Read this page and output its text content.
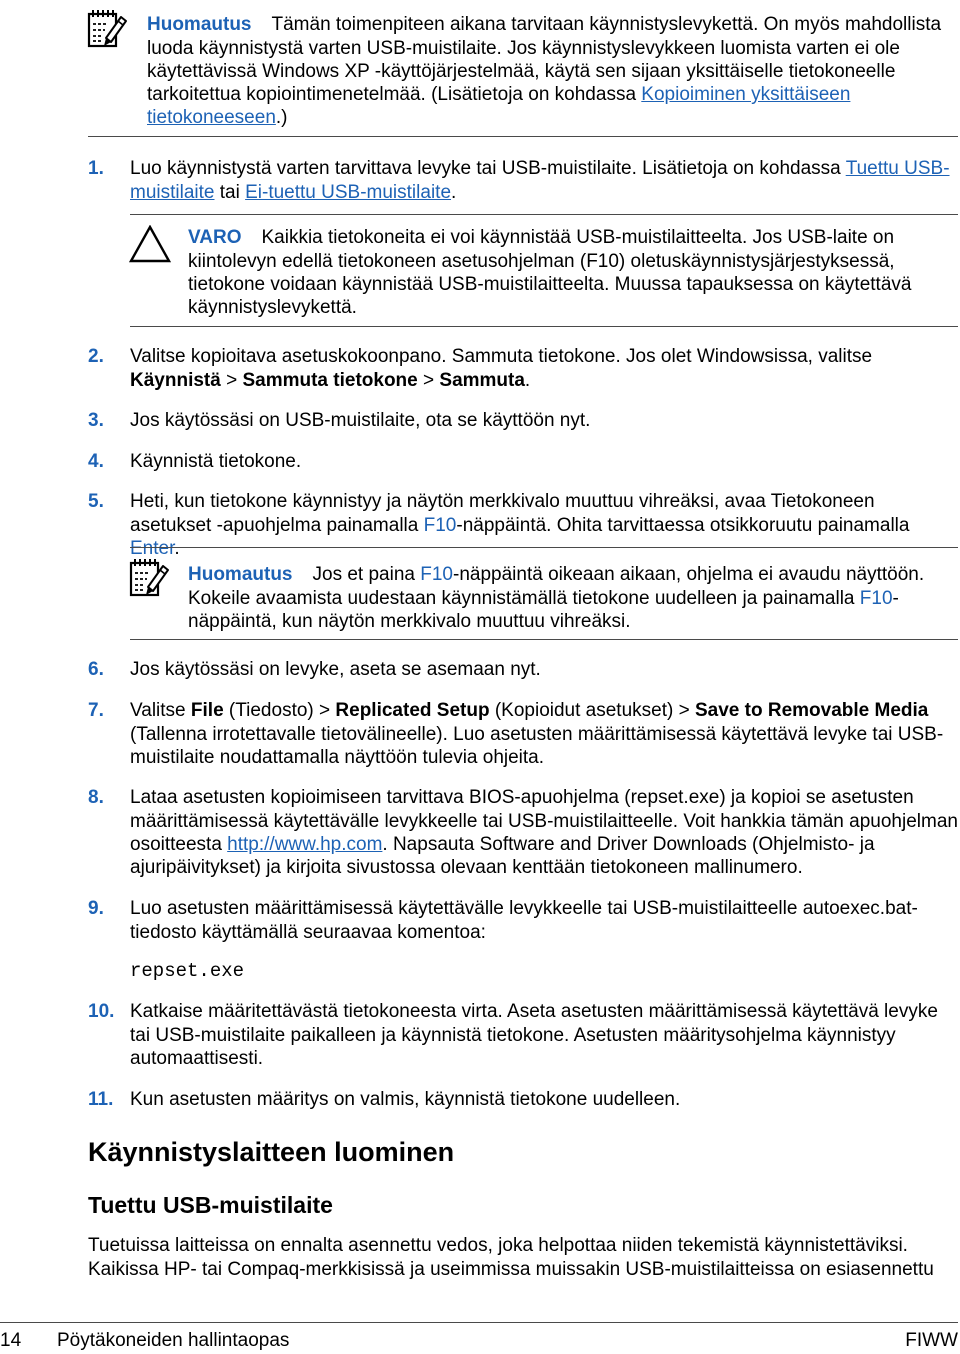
Huomautus Tämän toimenpiteen aikana tarvitaan käynnistyslevykettä. On myös mahdollista luoda käynnistystä varten USB-muistilaite. Jos käynnistyslevykkeen luomista varten ei ole käytettävissä Windows XP -käyttöjärjestelmää, käytä sen sijaan yksittäiselle tietokoneelle tarkoitettua kopiointimenetelmää. (Lisätietoja on kohdassa Kopioiminen yksittäiseen tietokoneeseen.)
1. Luo käynnistystä varten tarvittava levyke tai USB-muistilaite. Lisätietoja on kohdassa Tuettu USB-muistilaite tai Ei-tuettu USB-muistilaite.
VARO Kaikkia tietokoneita ei voi käynnistää USB-muistilaitteelta. Jos USB-laite on kiintolevyn edellä tietokoneen asetusohjelman (F10) oletuskäynnistysjärjestyksessä, tietokone voidaan käynnistää USB-muistilaitteelta. Muussa tapauksessa on käytettävä käynnistyslevykettä.
2. Valitse kopioitava asetuskokoonpano. Sammuta tietokone. Jos olet Windowsissa, valitse Käynnistä > Sammuta tietokone > Sammuta.
3. Jos käytössäsi on USB-muistilaite, ota se käyttöön nyt.
4. Käynnistä tietokone.
5. Heti, kun tietokone käynnistyy ja näytön merkkivalo muuttuu vihreäksi, avaa Tietokoneen asetukset -apuohjelma painamalla F10-näppäintä. Ohita tarvittaessa otsikkoruutu painamalla Enter.
Huomautus Jos et paina F10-näppäintä oikeaan aikaan, ohjelma ei avaudu näyttöön. Kokeile avaamista uudestaan käynnistämällä tietokone uudelleen ja painamalla F10-näppäintä, kun näytön merkkivalo muuttuu vihreäksi.
6. Jos käytössäsi on levyke, aseta se asemaan nyt.
7. Valitse File (Tiedosto) > Replicated Setup (Kopioidut asetukset) > Save to Removable Media (Tallenna irrotettavalle tietovälineelle). Luo asetusten määrittämisessä käytettävä levyke tai USB-muistilaite noudattamalla näyttöön tulevia ohjeita.
8. Lataa asetusten kopioimiseen tarvittava BIOS-apuohjelma (repset.exe) ja kopioi se asetusten määrittämisessä käytettävälle levykkeelle tai USB-muistilaitteelle. Voit hankkia tämän apuohjelman osoitteesta http://www.hp.com. Napsauta Software and Driver Downloads (Ohjelmisto- ja ajuripäivitykset) ja kirjoita sivustossa olevaan kenttään tietokoneen mallinumero.
9. Luo asetusten määrittämisessä käytettävälle levykkeelle tai USB-muistilaitteelle autoexec.bat-tiedosto käyttämällä seuraavaa komentoa:
repset.exe
10. Katkaise määritettävästä tietokoneesta virta. Aseta asetusten määrittämisessä käytettävä levyke tai USB-muistilaite paikalleen ja käynnistä tietokone. Asetusten määritysohjelma käynnistyy automaattisesti.
11. Kun asetusten määritys on valmis, käynnistä tietokone uudelleen.
Käynnistyslaitteen luominen
Tuettu USB-muistilaite
Tuetuissa laitteissa on ennalta asennettu vedos, joka helpottaa niiden tekemistä käynnistettäviksi. Kaikissa HP- tai Compaq-merkkisissä ja useimmissa muissakin USB-muistilaitteissa on esiasennettu
14 Pöytäkoneiden hallintaopas	FIWW
